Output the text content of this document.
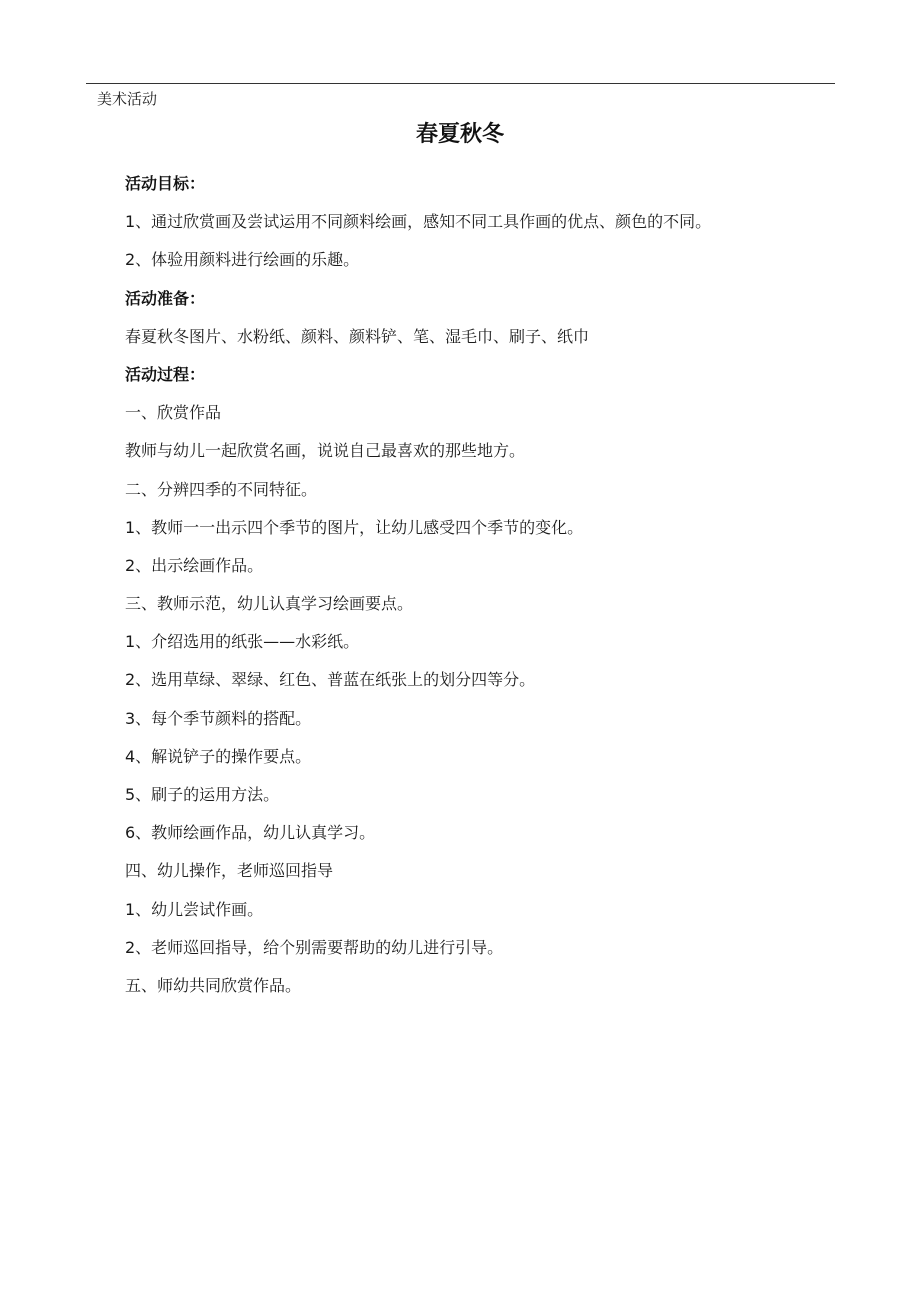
美术活动
春夏秋冬
活动目标：
1、通过欣赏画及尝试运用不同颜料绘画，感知不同工具作画的优点、颜色的不同。
2、体验用颜料进行绘画的乐趣。
活动准备：
春夏秋冬图片、水粉纸、颜料、颜料铲、笔、湿毛巾、刷子、纸巾
活动过程：
一、欣赏作品
教师与幼儿一起欣赏名画，说说自己最喜欢的那些地方。
二、分辨四季的不同特征。
1、教师一一出示四个季节的图片，让幼儿感受四个季节的变化。
2、出示绘画作品。
三、教师示范，幼儿认真学习绘画要点。
1、介绍选用的纸张——水彩纸。
2、选用草绿、翠绿、红色、普蓝在纸张上的划分四等分。
3、每个季节颜料的搭配。
4、解说铲子的操作要点。
5、刷子的运用方法。
6、教师绘画作品，幼儿认真学习。
四、幼儿操作，老师巡回指导
1、幼儿尝试作画。
2、老师巡回指导，给个别需要帮助的幼儿进行引导。
五、师幼共同欣赏作品。
